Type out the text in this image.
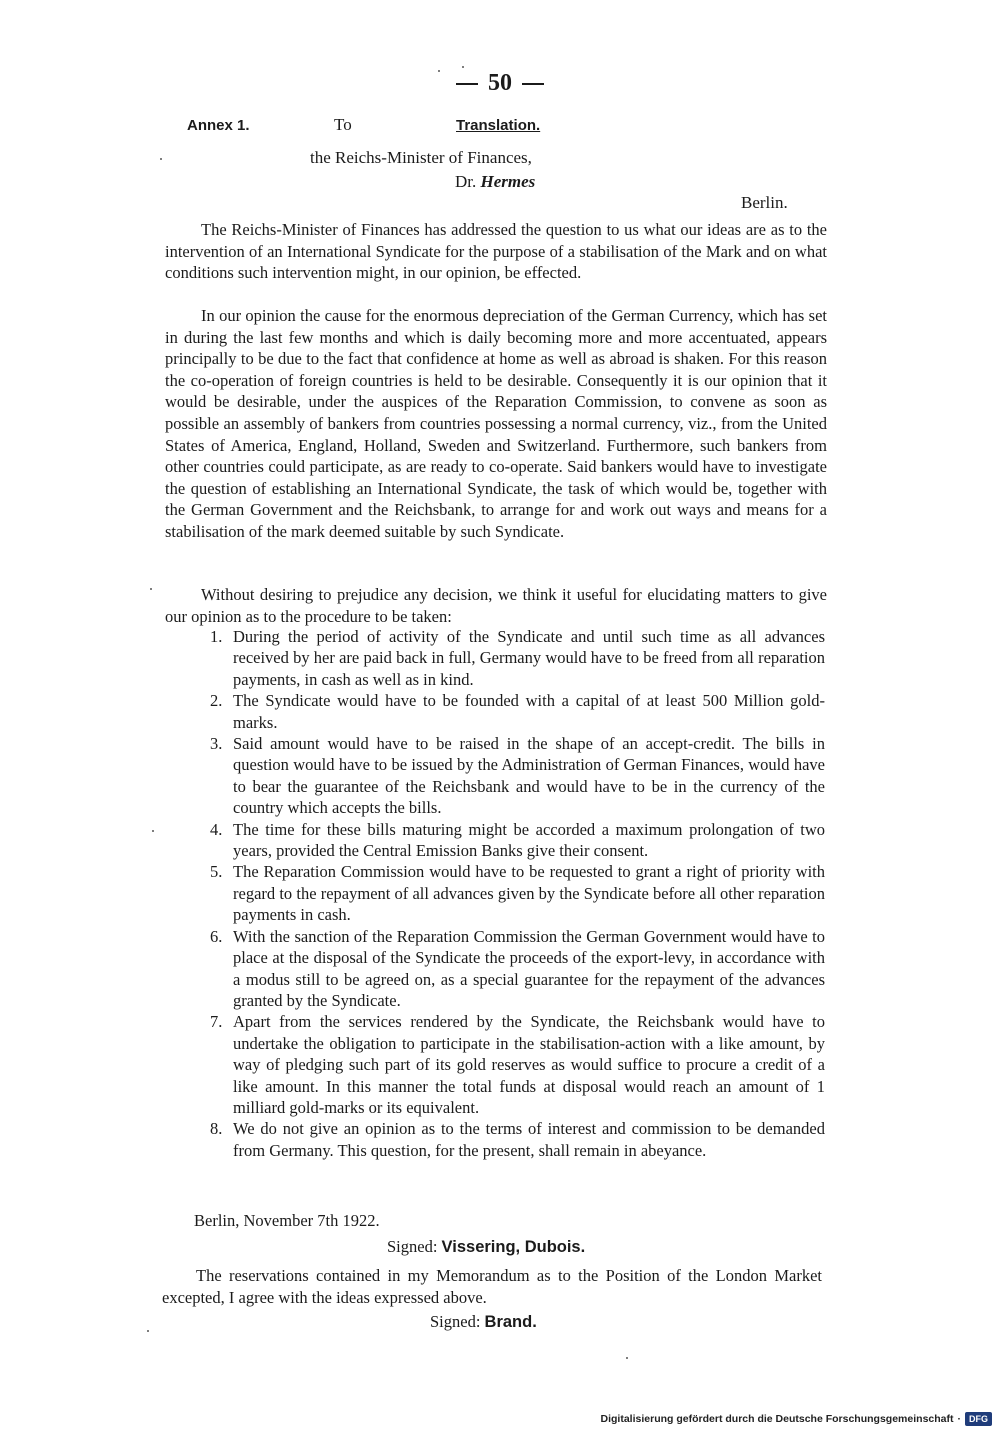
50
Annex 1.	To	Translation.
the Reichs-Minister of Finances,
Dr. Hermes
Berlin.

The Reichs-Minister of Finances has addressed the question to us what our ideas are as to the intervention of an International Syndicate for the purpose of a stabilisation of the Mark and on what conditions such intervention might, in our opinion, be effected.

In our opinion the cause for the enormous depreciation of the German Currency, which has set in during the last few months and which is daily becoming more and more accentuated, appears principally to be due to the fact that confidence at home as well as abroad is shaken. For this reason the co-operation of foreign countries is held to be desirable. Consequently it is our opinion that it would be desirable, under the auspices of the Reparation Commission, to convene as soon as possible an assembly of bankers from countries possessing a normal currency, viz., from the United States of America, England, Holland, Sweden and Switzerland. Furthermore, such bankers from other countries could participate, as are ready to co-operate. Said bankers would have to investigate the question of establishing an International Syndicate, the task of which would be, together with the German Government and the Reichsbank, to arrange for and work out ways and means for a stabilisation of the mark deemed suitable by such Syndicate.

Without desiring to prejudice any decision, we think it useful for elucidating matters to give our opinion as to the procedure to be taken:

1. During the period of activity of the Syndicate and until such time as all advances received by her are paid back in full, Germany would have to be freed from all reparation payments, in cash as well as in kind.
2. The Syndicate would have to be founded with a capital of at least 500 Million gold-marks.
3. Said amount would have to be raised in the shape of an accept-credit. The bills in question would have to be issued by the Administration of German Finances, would have to bear the guarantee of the Reichsbank and would have to be in the currency of the country which accepts the bills.
4. The time for these bills maturing might be accorded a maximum prolongation of two years, provided the Central Emission Banks give their consent.
5. The Reparation Commission would have to be requested to grant a right of priority with regard to the repayment of all advances given by the Syndicate before all other reparation payments in cash.
6. With the sanction of the Reparation Commission the German Government would have to place at the disposal of the Syndicate the proceeds of the export-levy, in accordance with a modus still to be agreed on, as a special guarantee for the repayment of the advances granted by the Syndicate.
7. Apart from the services rendered by the Syndicate, the Reichsbank would have to undertake the obligation to participate in the stabilisation-action with a like amount, by way of pledging such part of its gold reserves as would suffice to procure a credit of a like amount. In this manner the total funds at disposal would reach an amount of 1 milliard gold-marks or its equivalent.
8. We do not give an opinion as to the terms of interest and commission to be demanded from Germany. This question, for the present, shall remain in abeyance.
Berlin, November 7th 1922.
Signed: Vissering, Dubois.

The reservations contained in my Memorandum as to the Position of the London Market excepted, I agree with the ideas expressed above.

Signed: Brand.
Digitalisierung gefördert durch die Deutsche Forschungsgemeinschaft · DFG
